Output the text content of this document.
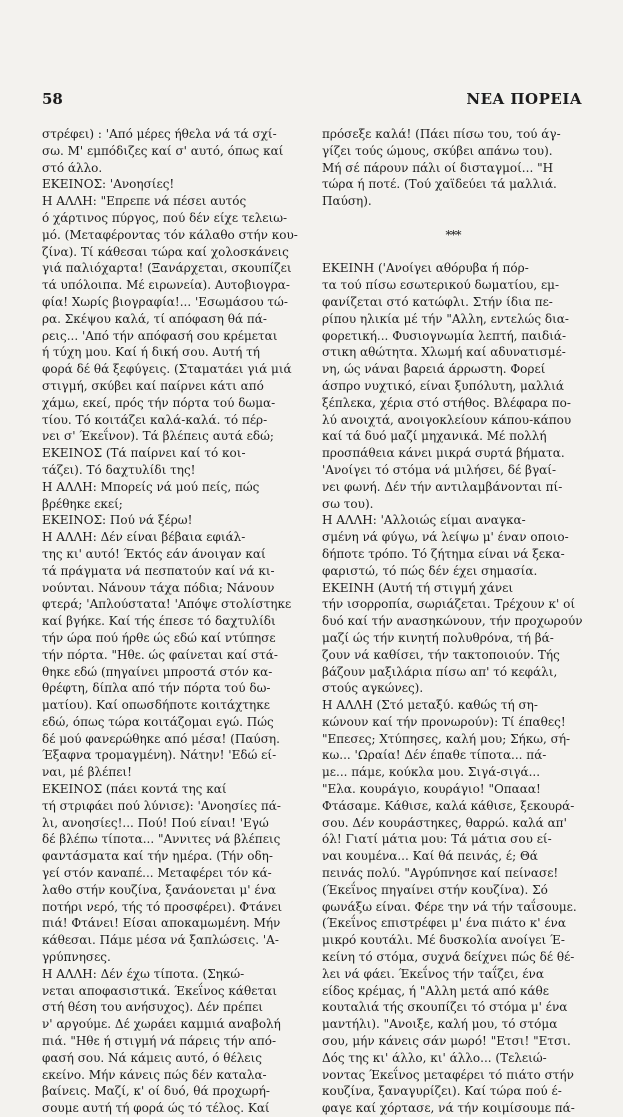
58	ΝΕΑ ΠΟΡΕΙΑ
στρέφει) : 'Από μέρες ήθελα νά τά σχί-
σω. Μ' εμπόδιζες καί σ' αυτό, όπως καί
στό άλλο.
ΕΚΕΙΝΟΣ: 'Ανοησίες!
Η ΑΛΛΗ: "Επρεπε νά πέσει αυτός
ό χάρτινος πύργος, πού δέν είχε τελειω-
μό. (Μεταφέροντας τόν κάλαθο στήν κου-
ζίνα). Τί κάθεσαι τώρα καί χολοσκάνεις
γιά παλιόχαρτα! (Ξανάρχεται, σκουπίζει
τά υπόλοιπα. Μέ ειρωνεία). Αυτοβιογρα-
φία! Χωρίς βιογραφία!... 'Εσωμάσου τώ-
ρα. Σκέψου καλά, τί απόφαση θά πά-
ρεις... 'Από τήν απόφασή σου κρέμεται
ή τύχη μου. Καί ή δική σου. Αυτή τή
φορά δέ θά ξεφύγεις. (Σταματάει γιά μιά
στιγμή, σκύβει καί παίρνει κάτι από
χάμω, εκεί, πρός τήν πόρτα τού δωμα-
τίου. Τό κοιτάζει καλά-καλά. τό πέρ-
νει σ' Έκεΐνον). Τά βλέπεις αυτά εδώ;
ΕΚΕΙΝΟΣ (Τά παίρνει καί τό κοι-
τάζει). Τό δαχτυλίδι της!
Η ΑΛΛΗ: Μπορείς νά μού πείς, πώς
βρέθηκε εκεί;
ΕΚΕΙΝΟΣ: Πού νά ξέρω!
Η ΑΛΛΗ: Δέν είναι βέβαια εφιάλ-
της κι' αυτό! Έκτός εάν άνοιγαν καί
τά πράγματα νά πεσπατούν καί νά κι-
νούνται. Νάνουν τάχα πόδια; Νάνουν
φτερά; 'Απλούστατα! 'Απόψε στολίστηκε
καί βγήκε. Καί τής έπεσε τό δαχτυλίδι
τήν ώρα πού ήρθε ώς εδώ καί ντύπησε
τήν πόρτα. "Ηθε. ώς φαίνεται καί στά-
θηκε εδώ (πηγαίνει μπροστά στόν κα-
θρέφτη, δίπλα από τήν πόρτα τού δω-
ματίου). Καί οπωσδήποτε κοιτάχτηκε
εδώ, όπως τώρα κοιτάζομαι εγώ. Πώς
δέ μού φανερώθηκε από μέσα! (Παύση.
Έξαφνα τρομαγμένη). Νάτην! 'Εδώ εί-
ναι, μέ βλέπει!
ΕΚΕΙΝΟΣ (πάει κοντά της καί
τή στριφάει πού λύνισε): 'Ανοησίες πά-
λι, ανοησίες!... Πού! Πού είναι! 'Εγώ
δέ βλέπω τίποτα... "Αννιτες νά βλέπεις
φαντάσματα καί τήν ημέρα. (Τήν οδη-
γεί στόν καναπέ... Μεταφέρει τόν κά-
λαθο στήν κουζίνα, ξανάονεται μ' ένα
ποτήρι νερό, τής τό προσφέρει). Φτάνει
πιά! Φτάνει! Είσαι αποκαμωμένη. Μήν
κάθεσαι. Πάμε μέσα νά ξαπλώσεις. 'Α-
γρύπνησες.
Η ΑΛΛΗ: Δέν έχω τίποτα. (Σηκώ-
νεται αποφασιστικά. Έκεΐνος κάθεται
στή θέση του ανήσυχος). Δέν πρέπει
ν' αργούμε. Δέ χωράει καμμιά αναβολή
πιά. "Ηθε ή στιγμή νά πάρεις τήν από-
φασή σου. Νά κάμεις αυτό, ό θέλεις
εκείνο. Μήν κάνεις πώς δέν καταλα-
βαίνεις. Μαζί, κ' οί δυό, θά προχωρή-
σουμε αυτή τή φορά ώς τό τέλος. Καί
πρόσεξε καλά! (Πάει πίσω του, τού άγ-
γίζει τούς ώμους, σκύβει απάνω του).
Μή σέ πάρουν πάλι οί δισταγμοί... "Η
τώρα ή ποτέ. (Τού χαϊδεύει τά μαλλιά.
Παύση).
***
ΕΚΕΙΝΗ ('Ανοίγει αθόρυβα ή πόρ-
τα τού πίσω εσωτερικού δωματίου, εμ-
φανίζεται στό κατώφλι. Στήν ίδια πε-
ρίπου ηλικία μέ τήν "Αλλη, εντελώς δια-
φορετική... Φυσιογνωμία λεπτή, παιδιά-
στικη αθώτητα. Χλωμή καί αδυνατισμέ-
νη, ώς νάναι βαρειά άρρωστη. Φορεί
άσπρο νυχτικό, είναι ξυπόλυτη, μαλλιά
ξέπλεκα, χέρια στό στήθος. Βλέφαρα πο-
λύ ανοιχτά, ανοιγοκλείουν κάπου-κάπου
καί τά δυό μαζί μηχανικά. Μέ πολλή
προσπάθεια κάνει μικρά συρτά βήματα.
'Ανοίγει τό στόμα νά μιλήσει, δέ βγαί-
νει φωνή. Δέν τήν αντιλαμβάνονται πί-
σω του).
Η ΑΛΛΗ: 'Αλλοιώς είμαι αναγκα-
σμένη νά φύγω, νά λείψω μ' έναν οποιο-
δήποτε τρόπο. Τό ζήτημα είναι νά ξεκα-
φαριστώ, τό πώς δέν έχει σημασία.
ΕΚΕΙΝΗ (Αυτή τή στιγμή χάνει
τήν ισορροπία, σωριάζεται. Τρέχουν κ' οί
δυό καί τήν ανασηκώνουν, τήν προχωρούν
μαζί ώς τήν κινητή πολυθρόνα, τή βά-
ζουν νά καθίσει, τήν τακτοποιούν. Τής
βάζουν μαξιλάρια πίσω απ' τό κεφάλι,
στούς αγκώνες).
Η ΑΛΛΗ (Στό μεταξύ. καθώς τή ση-
κώνουν καί τήν προνωρούν): Τί έπαθες!
"Επεσες; Χτύπησες, καλή μου; Σήκω, σή-
κω... 'Ωραία! Δέν έπαθε τίποτα... πά-
με... πάμε, κούκλα μου. Σιγά-σιγά...
"Ελα. κουράγιο, κουράγιο! "Οπααα!
Φτάσαμε. Κάθισε, καλά κάθισε, ξεκουρά-
σου. Δέν κουράστηκες, θαρρώ. καλά απ'
όλ! Γιατί μάτια μου: Τά μάτια σου εί-
ναι κουμένα... Καί θά πεινάς, έ; Θά
πεινάς πολύ. "Αγρύπνησε καί πείνασε!
(Έκεΐνος πηγαίνει στήν κουζίνα). Σό
φωνάξω είναι. Φέρε την νά τήν ταΐσουμε.
(Έκεΐνος επιστρέφει μ' ένα πιάτο κ' ένα
μικρό κουτάλι. Μέ δυσκολία ανοίγει Έ-
κείνη τό στόμα, συχνά δείχνει πώς δέ θέ-
λει νά φάει. Έκεΐνος τήν ταΐζει, ένα
είδος κρέμας, ή "Αλλη μετά από κάθε
κουταλιά τής σκουπίζει τό στόμα μ' ένα
μαντήλι). "Ανοιξε, καλή μου, τό στόμα
σου, μήν κάνεις σάν μωρό! "Ετσι! "Ετσι.
Δός της κι' άλλο, κι' άλλο... (Τελειώ-
νοντας Έκεΐνος μεταφέρει τό πιάτο στήν
κουζίνα, ξαναγυρίζει). Καί τώρα πού έ-
φαγε καί χόρτασε, νά τήν κοιμίσουμε πά-
